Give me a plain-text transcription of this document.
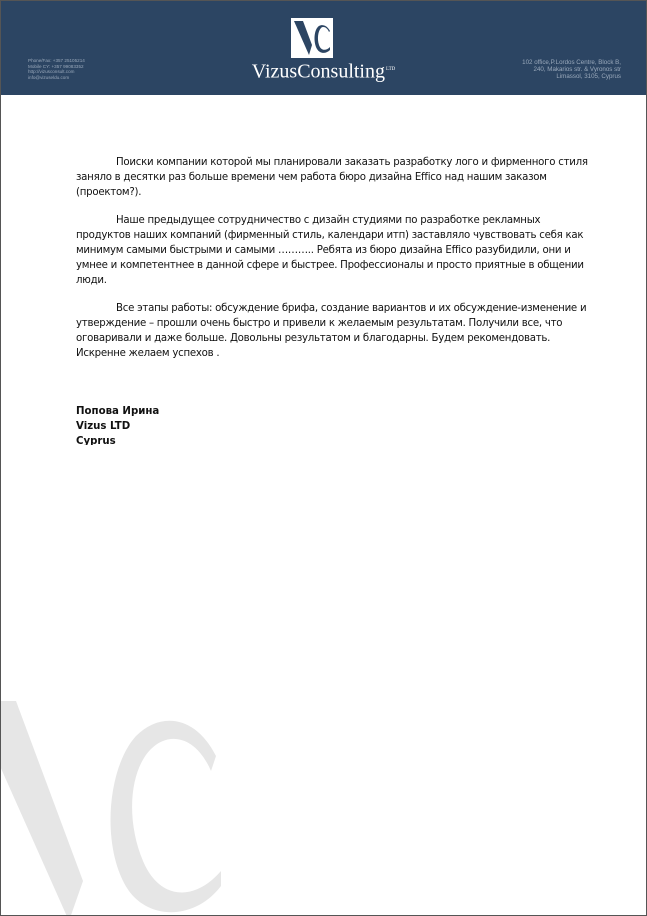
Phone/Fax: +357 25105214
Mobile CY: +357 99083352
http://vizusconsult.com
info@vizuseldu.com	VizusConsulting$^{LTD}$
102 office,P.Lordos Centre, Block B,
240, Makarios str. & Vyronos str
Limassol, 3105, Cyprus

Поиски компании которой мы планировали заказать разработку лого и фирменного стиля заняло в десятки раз больше времени чем работа бюро дизайна Effico над нашим заказом (проектом?).

Наше предыдущее сотрудничество с дизайн студиями по разработке рекламных продуктов наших компаний (фирменный стиль, календари итп) заставляло чувствовать себя как минимум самыми быстрыми и самыми ……….. Ребята из бюро дизайна Effico разубидили, они и умнее и компетентнее в данной сфере и быстрее. Профессионалы и просто приятные в общении люди.

Все этапы работы: обсуждение брифа, создание вариантов и их обсуждение-изменение и утверждение – прошли очень быстро и привели к желаемым результатам. Получили все, что оговаривали и даже больше. Довольны результатом и благодарны. Будем рекомендовать. Искренне желаем успехов .

Попова Ирина
Vizus LTD
Cyprus
